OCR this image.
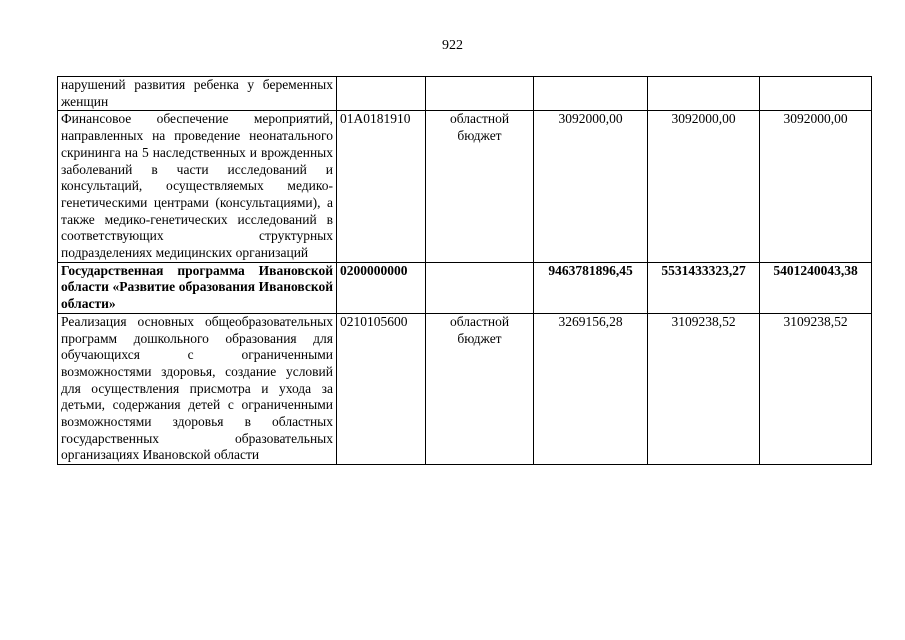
922
нарушений развития ребенка у беременных женщин					
Финансовое обеспечение мероприятий, направленных на проведение неонатального скрининга на 5 наследственных и врожденных заболеваний в части исследований и консультаций, осуществляемых медико-генетическими центрами (консультациями), а также медико-генетических исследований в соответствующих структурных подразделениях медицинских организаций	01А0181910	областной бюджет	3092000,00	3092000,00	3092000,00
Государственная программа Ивановской области «Развитие образования Ивановской области»	0200000000		9463781896,45	5531433323,27	5401240043,38
Реализация основных общеобразовательных программ дошкольного образования для обучающихся с ограниченными возможностями здоровья, создание условий для осуществления присмотра и ухода за детьми, содержания детей с ограниченными возможностями здоровья в областных государственных образовательных организациях Ивановской области	0210105600	областной бюджет	3269156,28	3109238,52	3109238,52
